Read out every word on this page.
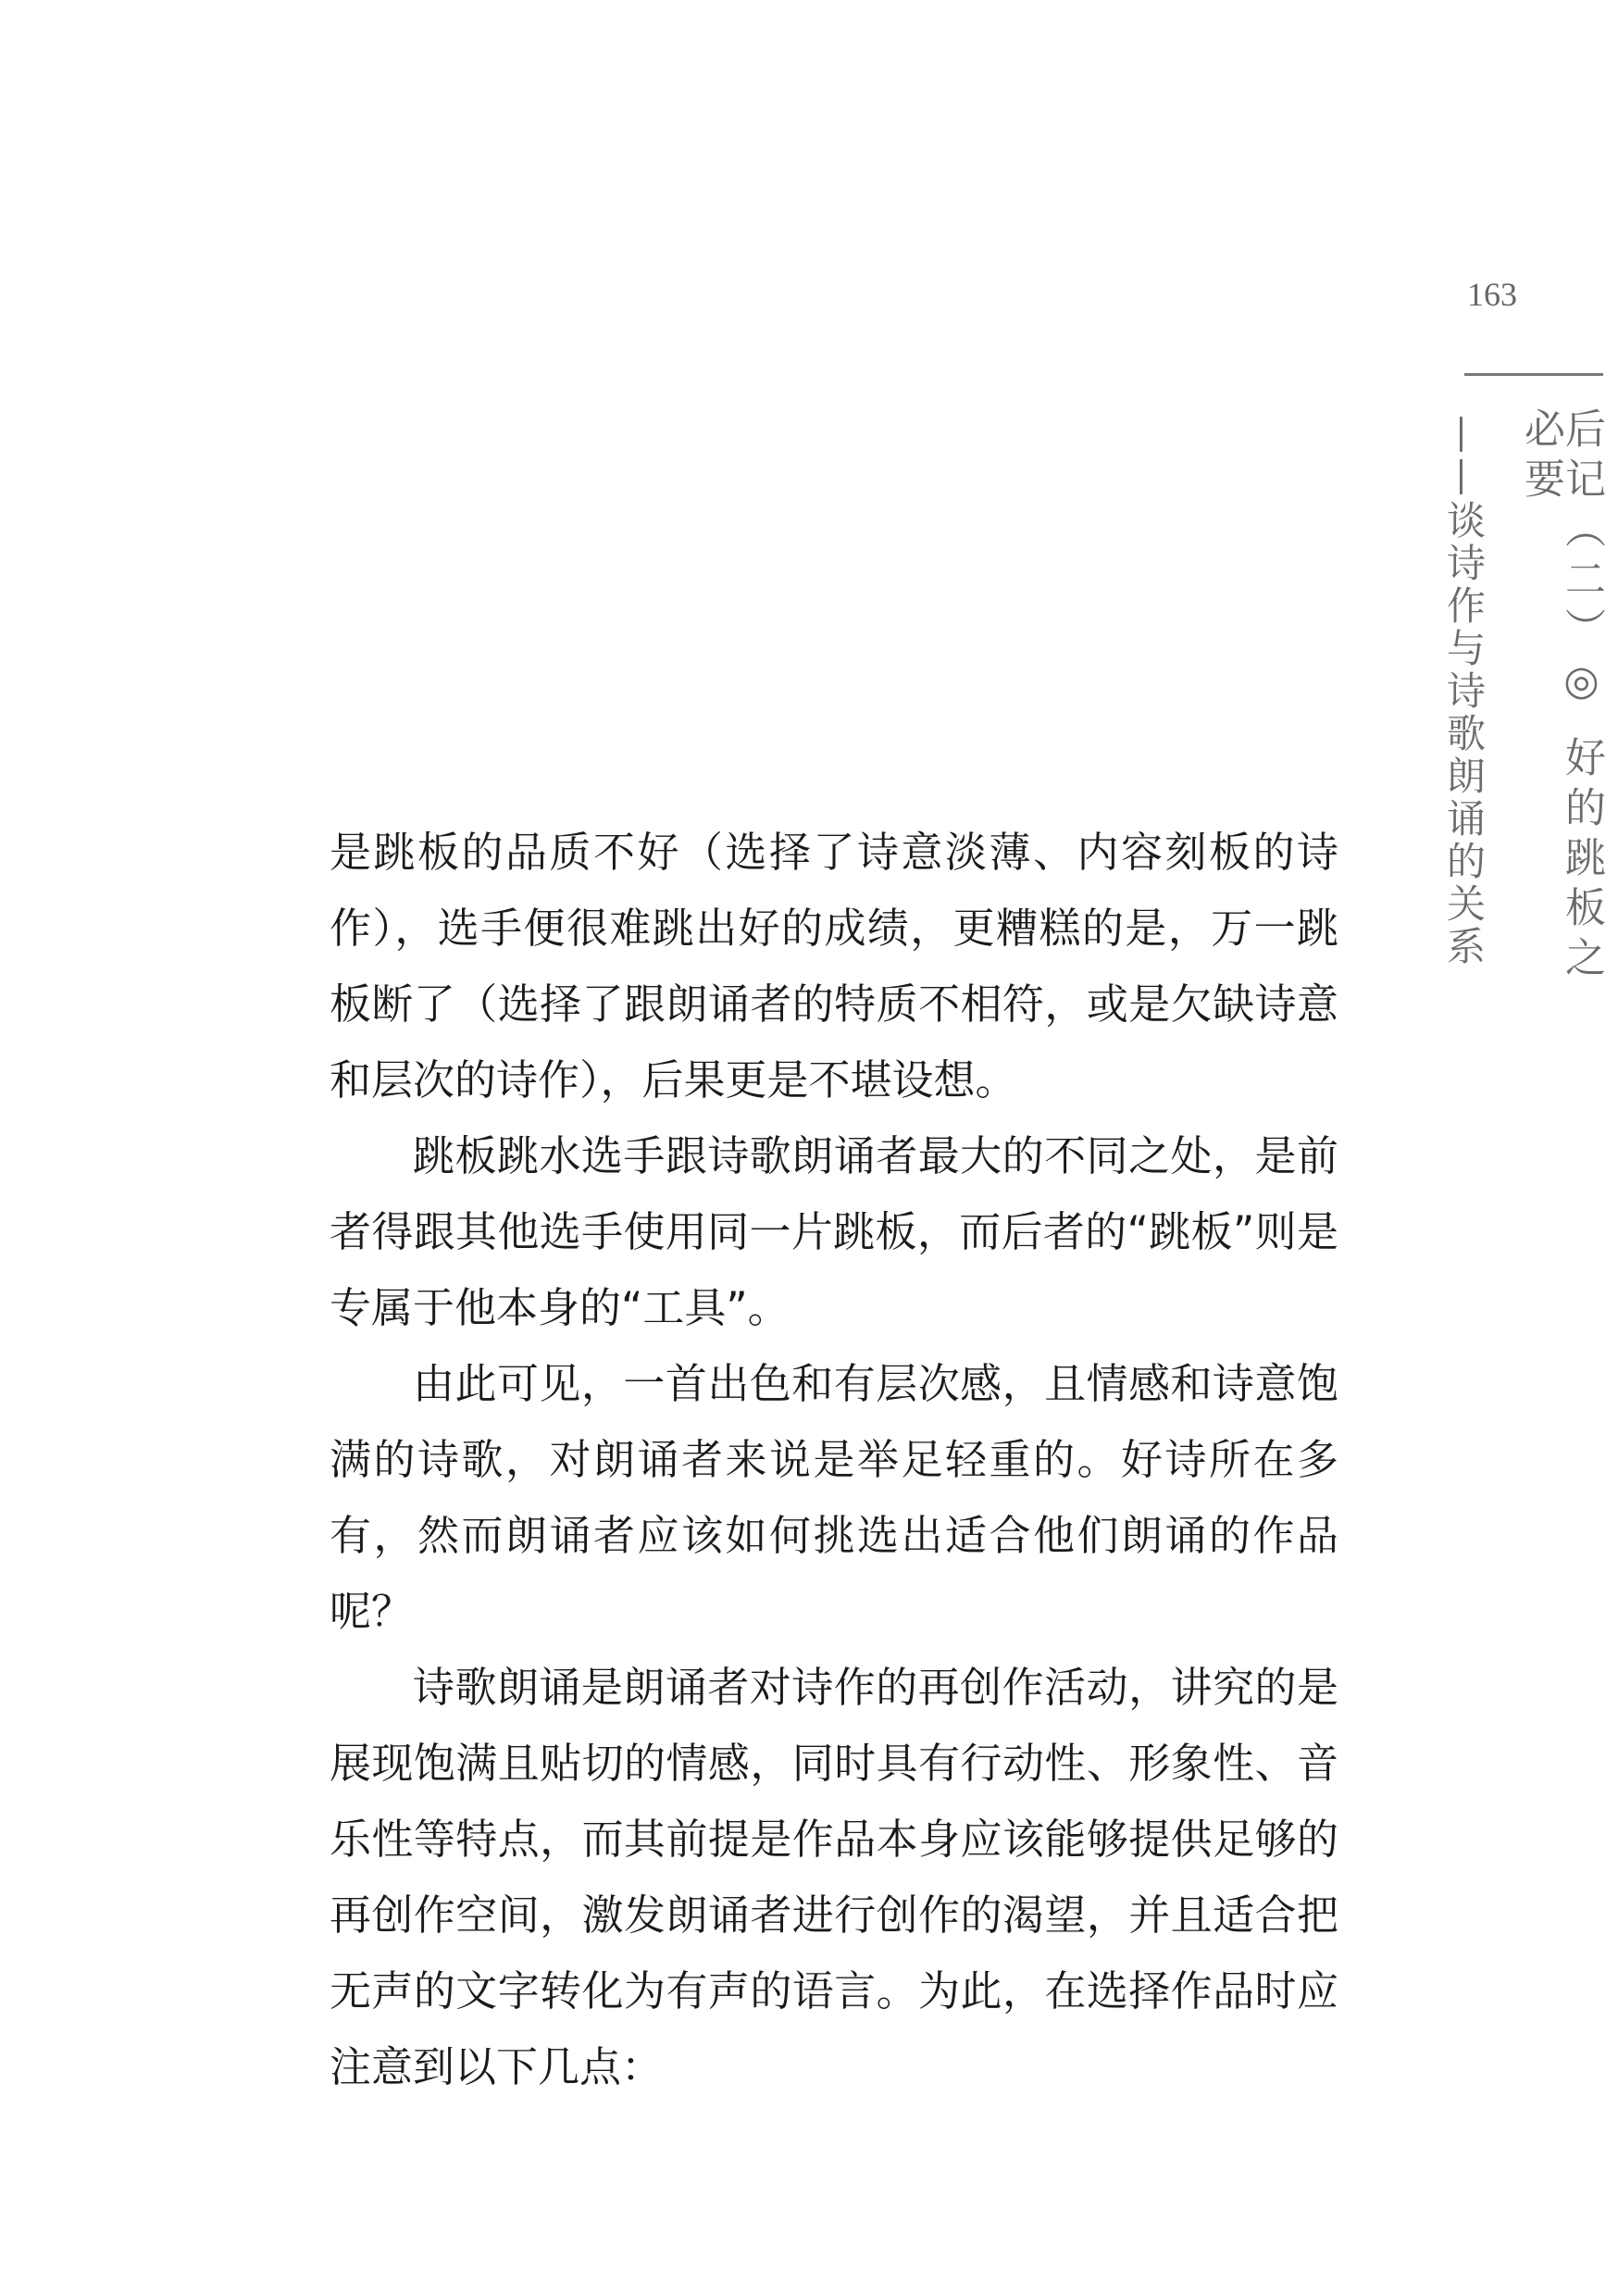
163
后记（二）◎ 好的跳板之必要
——谈诗作与诗歌朗诵的关系

是跳板的品质不好（选择了诗意淡薄、内容刻板的诗作），选手便很难跳出好的成绩，更糟糕的是，万一跳板断了（选择了跟朗诵者的特质不相符，或是欠缺诗意和层次的诗作），后果更是不堪设想。

跳板跳水选手跟诗歌朗诵者最大的不同之处，是前者得跟其他选手使用同一片跳板，而后者的“跳板”则是专属于他本身的“工具”。

由此可见，一首出色和有层次感，且情感和诗意饱满的诗歌，对朗诵者来说是举足轻重的。好诗所在多有，然而朗诵者应该如何挑选出适合他们朗诵的作品呢？

诗歌朗诵是朗诵者对诗作的再创作活动，讲究的是展现饱满且贴切的情感，同时具有行动性、形象性、音乐性等特点，而其前提是作品本身应该能够提供足够的再创作空间，激发朗诵者进行创作的渴望，并且适合把无声的文字转化为有声的语言。为此，在选择作品时应注意到以下几点：
